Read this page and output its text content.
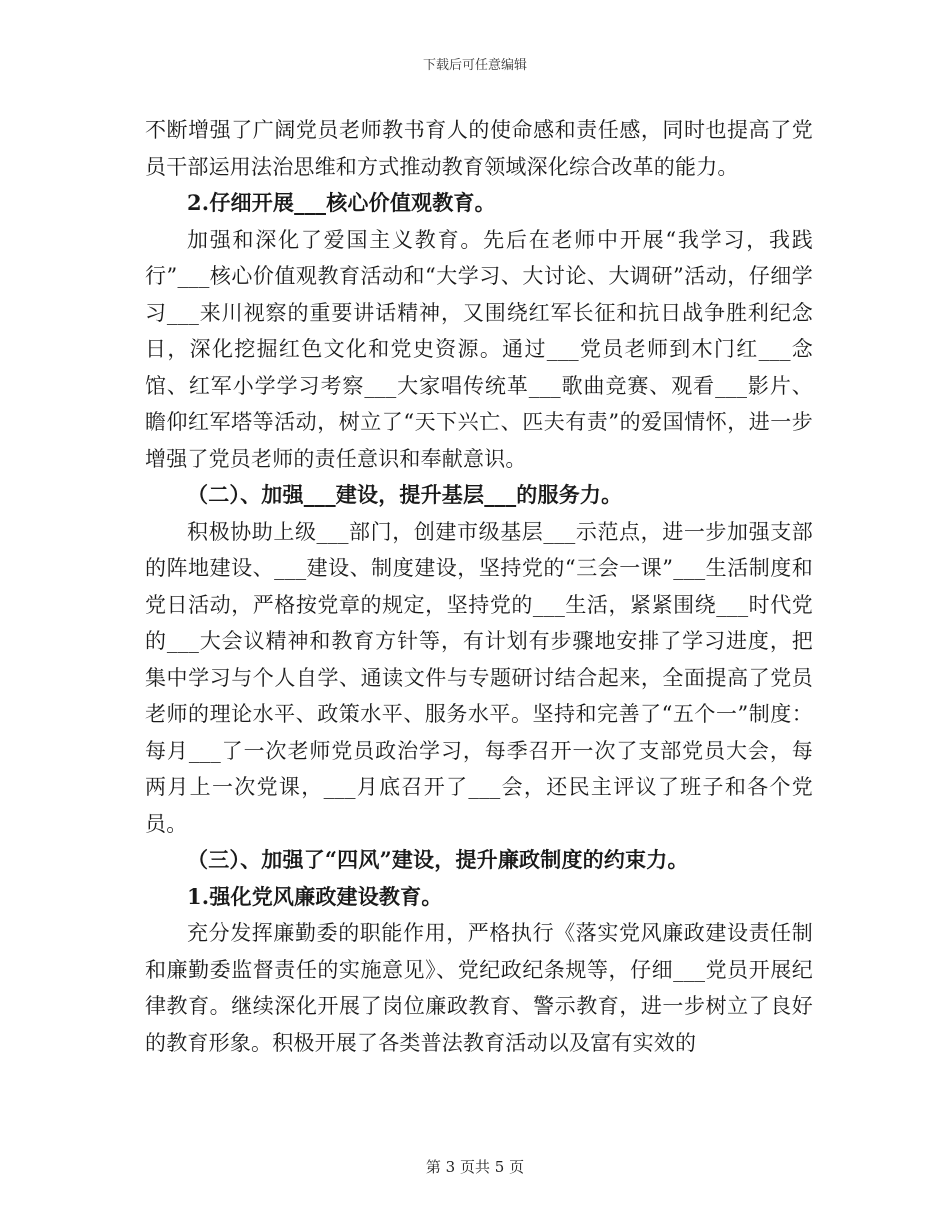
下载后可任意编辑

不断增强了广阔党员老师教书育人的使命感和责任感，同时也提高了党员干部运用法治思维和方式推动教育领域深化综合改革的能力。

2.仔细开展___核心价值观教育。

加强和深化了爱国主义教育。先后在老师中开展“我学习，我践行”___核心价值观教育活动和“大学习、大讨论、大调研”活动，仔细学习___来川视察的重要讲话精神，又围绕红军长征和抗日战争胜利纪念日，深化挖掘红色文化和党史资源。通过___党员老师到木门红___念馆、红军小学学习考察___大家唱传统革___歌曲竞赛、观看___影片、瞻仰红军塔等活动，树立了“天下兴亡、匹夫有责”的爱国情怀，进一步增强了党员老师的责任意识和奉献意识。

（二）、加强___建设，提升基层___的服务力。

积极协助上级___部门，创建市级基层___示范点，进一步加强支部的阵地建设、___建设、制度建设，坚持党的“三会一课”___生活制度和党日活动，严格按党章的规定，坚持党的___生活，紧紧围绕___时代党的___大会议精神和教育方针等，有计划有步骤地安排了学习进度，把集中学习与个人自学、通读文件与专题研讨结合起来，全面提高了党员老师的理论水平、政策水平、服务水平。坚持和完善了“五个一”制度：每月___了一次老师党员政治学习，每季召开一次了支部党员大会，每两月上一次党课，___月底召开了___会，还民主评议了班子和各个党员。

（三）、加强了“四风”建设，提升廉政制度的约束力。

1.强化党风廉政建设教育。

充分发挥廉勤委的职能作用，严格执行《落实党风廉政建设责任制和廉勤委监督责任的实施意见》、党纪政纪条规等，仔细___党员开展纪律教育。继续深化开展了岗位廉政教育、警示教育，进一步树立了良好的教育形象。积极开展了各类普法教育活动以及富有实效的

第 3 页共 5 页
